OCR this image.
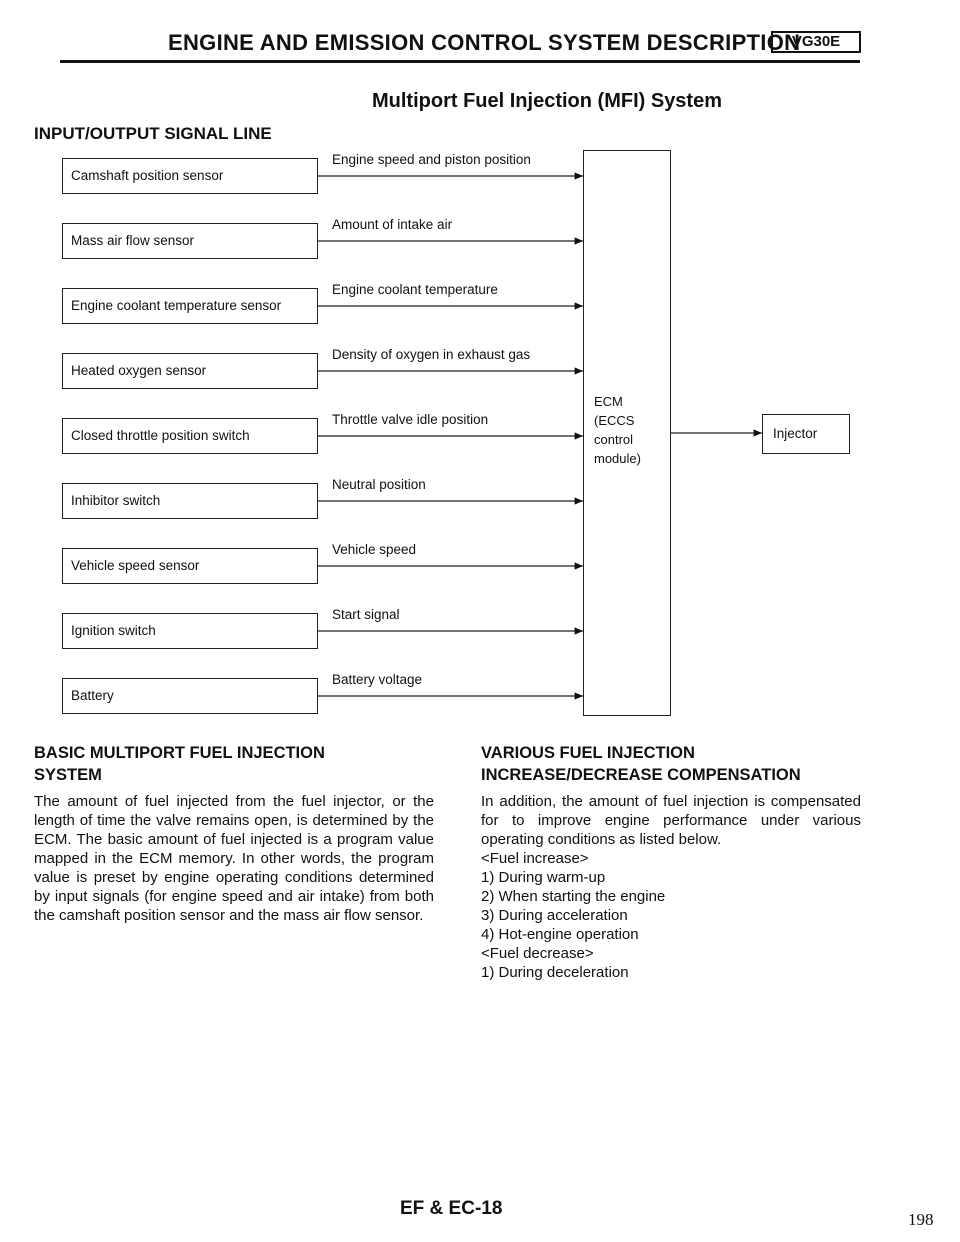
ENGINE AND EMISSION CONTROL SYSTEM DESCRIPTION
VG30E
Multiport Fuel Injection (MFI) System
INPUT/OUTPUT SIGNAL LINE
Camshaft position sensor
Engine speed and piston position
Mass air flow sensor
Amount of intake air
Engine coolant temperature sensor
Engine coolant temperature
Heated oxygen sensor
Density of oxygen in exhaust gas
Closed throttle position switch
Throttle valve idle position
Inhibitor switch
Neutral position
Vehicle speed sensor
Vehicle speed
Ignition switch
Start signal
Battery
Battery voltage
ECM
(ECCS
control
module)
Injector
BASIC MULTIPORT FUEL INJECTION
SYSTEM
The amount of fuel injected from the fuel injector, or the length of time the valve remains open, is determined by the ECM. The basic amount of fuel injected is a program value mapped in the ECM memory. In other words, the program value is preset by engine operating conditions determined by input signals (for engine speed and air intake) from both the camshaft position sensor and the mass air flow sensor.
VARIOUS FUEL INJECTION
INCREASE/DECREASE COMPENSATION
In addition, the amount of fuel injection is compensated for to improve engine performance under various operating conditions as listed below.
<Fuel increase>
1) During warm-up
2) When starting the engine
3) During acceleration
4) Hot-engine operation
<Fuel decrease>
1) During deceleration
EF & EC-18
198
